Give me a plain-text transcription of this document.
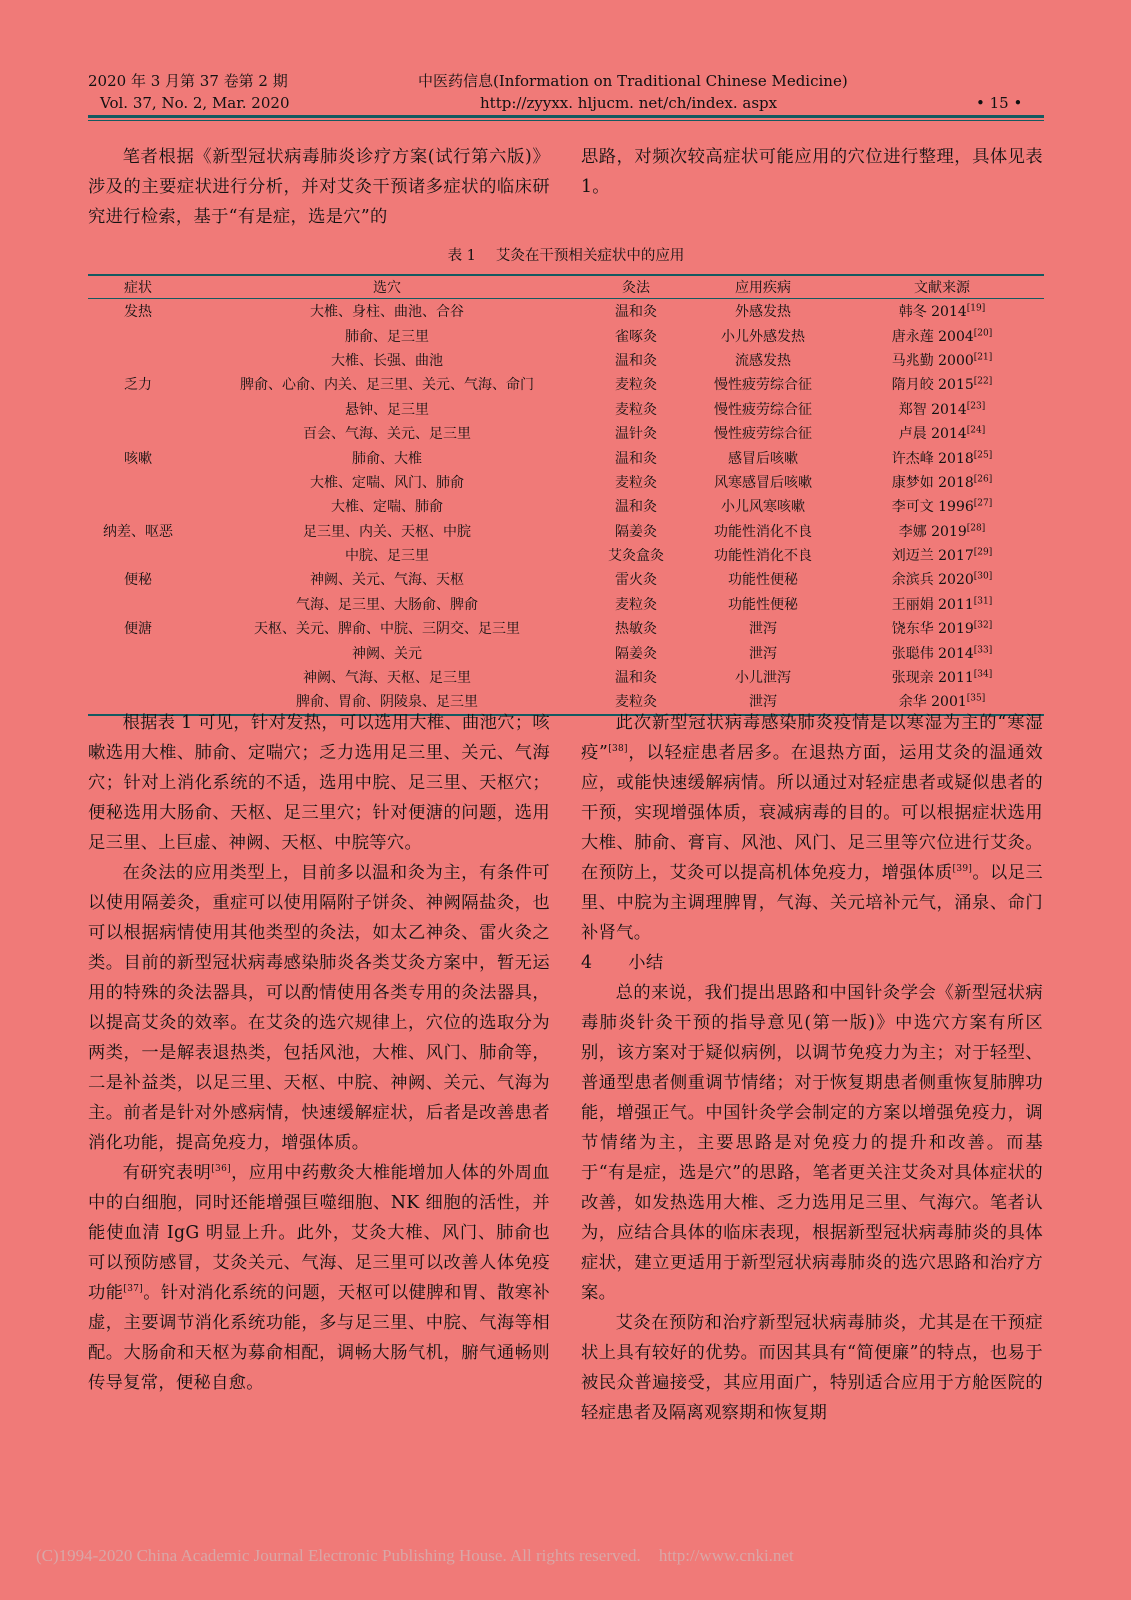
2020 年 3 月第 37 卷第 2 期
Vol. 37, No. 2, Mar. 2020
中医药信息(Information on Traditional Chinese Medicine)
http://zyyxx. hljucm. net/ch/index. aspx	• 15 •

笔者根据《新型冠状病毒肺炎诊疗方案(试行第六版)》涉及的主要症状进行分析，并对艾灸干预诸多症状的临床研究进行检索，基于“有是症，选是穴”的

思路，对频次较高症状可能应用的穴位进行整理，具体见表 1。

表 1 艾灸在干预相关症状中的应用
症状	选穴	灸法	应用疾病	文献来源
发热	大椎、身柱、曲池、合谷	温和灸	外感发热	韩冬 2014[19]
	肺俞、足三里	雀啄灸	小儿外感发热	唐永莲 2004[20]
	大椎、长强、曲池	温和灸	流感发热	马兆勤 2000[21]
乏力	脾俞、心俞、内关、足三里、关元、气海、命门	麦粒灸	慢性疲劳综合征	隋月皎 2015[22]
	悬钟、足三里	麦粒灸	慢性疲劳综合征	郑智 2014[23]
	百会、气海、关元、足三里	温针灸	慢性疲劳综合征	卢晨 2014[24]
咳嗽	肺俞、大椎	温和灸	感冒后咳嗽	许杰峰 2018[25]
	大椎、定喘、风门、肺俞	麦粒灸	风寒感冒后咳嗽	康梦如 2018[26]
	大椎、定喘、肺俞	温和灸	小儿风寒咳嗽	李可文 1996[27]
纳差、呕恶	足三里、内关、天枢、中脘	隔姜灸	功能性消化不良	李娜 2019[28]
	中脘、足三里	艾灸盒灸	功能性消化不良	刘迈兰 2017[29]
便秘	神阙、关元、气海、天枢	雷火灸	功能性便秘	余滨兵 2020[30]
	气海、足三里、大肠俞、脾俞	麦粒灸	功能性便秘	王丽娟 2011[31]
便溏	天枢、关元、脾俞、中脘、三阴交、足三里	热敏灸	泄泻	饶东华 2019[32]
	神阙、关元	隔姜灸	泄泻	张聪伟 2014[33]
	神阙、气海、天枢、足三里	温和灸	小儿泄泻	张现亲 2011[34]
	脾俞、胃俞、阴陵泉、足三里	麦粒灸	泄泻	余华 2001[35]

根据表 1 可见，针对发热，可以选用大椎、曲池穴；咳嗽选用大椎、肺俞、定喘穴；乏力选用足三里、关元、气海穴；针对上消化系统的不适，选用中脘、足三里、天枢穴；便秘选用大肠俞、天枢、足三里穴；针对便溏的问题，选用足三里、上巨虚、神阙、天枢、中脘等穴。

在灸法的应用类型上，目前多以温和灸为主，有条件可以使用隔姜灸，重症可以使用隔附子饼灸、神阙隔盐灸，也可以根据病情使用其他类型的灸法，如太乙神灸、雷火灸之类。目前的新型冠状病毒感染肺炎各类艾灸方案中，暂无运用的特殊的灸法器具，可以酌情使用各类专用的灸法器具，以提高艾灸的效率。在艾灸的选穴规律上，穴位的选取分为两类，一是解表退热类，包括风池，大椎、风门、肺俞等，二是补益类，以足三里、天枢、中脘、神阙、关元、气海为主。前者是针对外感病情，快速缓解症状，后者是改善患者消化功能，提高免疫力，增强体质。

有研究表明[36]，应用中药敷灸大椎能增加人体的外周血中的白细胞，同时还能增强巨噬细胞、NK 细胞的活性，并能使血清 IgG 明显上升。此外，艾灸大椎、风门、肺俞也可以预防感冒，艾灸关元、气海、足三里可以改善人体免疫功能[37]。针对消化系统的问题，天枢可以健脾和胃、散寒补虚，主要调节消化系统功能，多与足三里、中脘、气海等相配。大肠俞和天枢为募俞相配，调畅大肠气机，腑气通畅则传导复常，便秘自愈。

此次新型冠状病毒感染肺炎疫情是以寒湿为主的“寒湿疫”[38]，以轻症患者居多。在退热方面，运用艾灸的温通效应，或能快速缓解病情。所以通过对轻症患者或疑似患者的干预，实现增强体质，衰减病毒的目的。可以根据症状选用大椎、肺俞、膏肓、风池、风门、足三里等穴位进行艾灸。在预防上，艾灸可以提高机体免疫力，增强体质[39]。以足三里、中脘为主调理脾胃，气海、关元培补元气，涌泉、命门补肾气。

4 小结

总的来说，我们提出思路和中国针灸学会《新型冠状病毒肺炎针灸干预的指导意见(第一版)》中选穴方案有所区别，该方案对于疑似病例，以调节免疫力为主；对于轻型、普通型患者侧重调节情绪；对于恢复期患者侧重恢复肺脾功能，增强正气。中国针灸学会制定的方案以增强免疫力，调节情绪为主，主要思路是对免疫力的提升和改善。而基于“有是症，选是穴”的思路，笔者更关注艾灸对具体症状的改善，如发热选用大椎、乏力选用足三里、气海穴。笔者认为，应结合具体的临床表现，根据新型冠状病毒肺炎的具体症状，建立更适用于新型冠状病毒肺炎的选穴思路和治疗方案。

艾灸在预防和治疗新型冠状病毒肺炎，尤其是在干预症状上具有较好的优势。而因其具有“简便廉”的特点，也易于被民众普遍接受，其应用面广，特别适合应用于方舱医院的轻症患者及隔离观察期和恢复期

(C)1994-2020 China Academic Journal Electronic Publishing House. All rights reserved. http://www.cnki.net
